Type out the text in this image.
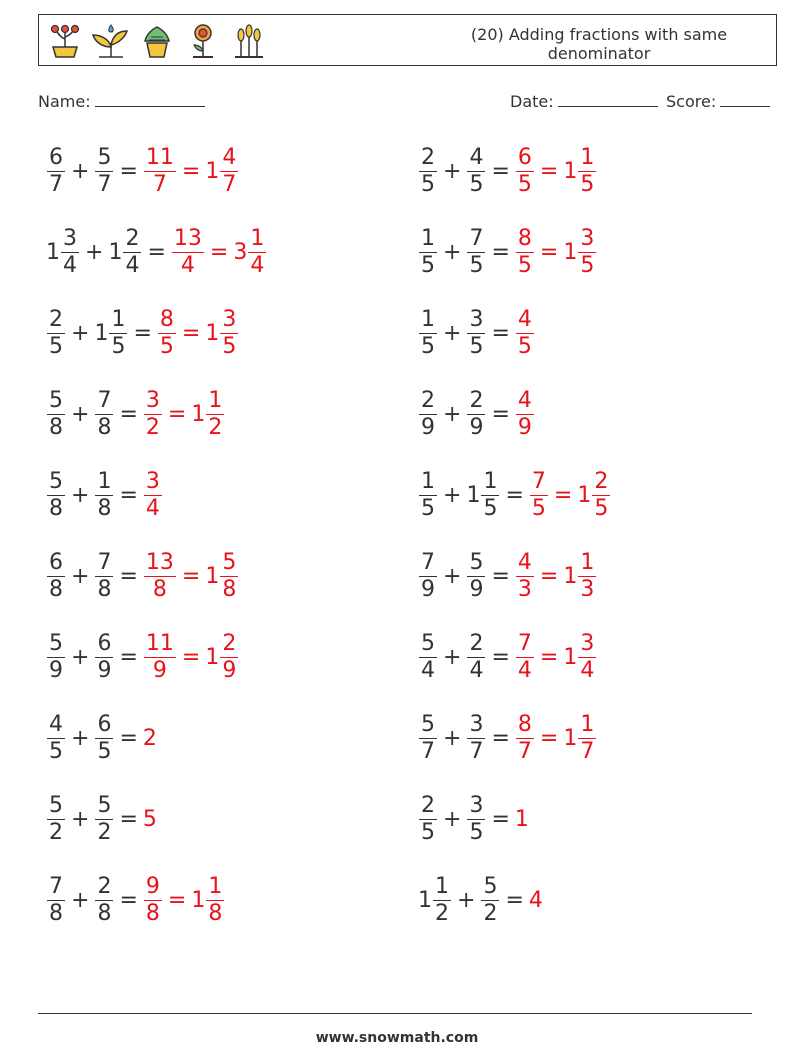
(20) Adding fractions with same denominator
Name:	Date:	Score:
$\frac{6}{7} + \frac{5}{7} = \frac{11}{7} = 1 \frac{4}{7}$
$1 \frac{3}{4} + 1 \frac{2}{4} = \frac{13}{4} = 3 \frac{1}{4}$
$\frac{2}{5} + 1 \frac{1}{5} = \frac{8}{5} = 1 \frac{3}{5}$
$\frac{5}{8} + \frac{7}{8} = \frac{3}{2} = 1 \frac{1}{2}$
$\frac{5}{8} + \frac{1}{8} = \frac{3}{4}$
$\frac{6}{8} + \frac{7}{8} = \frac{13}{8} = 1 \frac{5}{8}$
$\frac{5}{9} + \frac{6}{9} = \frac{11}{9} = 1 \frac{2}{9}$
$\frac{4}{5} + \frac{6}{5} = 2$
$\frac{5}{2} + \frac{5}{2} = 5$
$\frac{7}{8} + \frac{2}{8} = \frac{9}{8} = 1 \frac{1}{8}$
$\frac{2}{5} + \frac{4}{5} = \frac{6}{5} = 1 \frac{1}{5}$
$\frac{1}{5} + \frac{7}{5} = \frac{8}{5} = 1 \frac{3}{5}$
$\frac{1}{5} + \frac{3}{5} = \frac{4}{5}$
$\frac{2}{9} + \frac{2}{9} = \frac{4}{9}$
$\frac{1}{5} + 1 \frac{1}{5} = \frac{7}{5} = 1 \frac{2}{5}$
$\frac{7}{9} + \frac{5}{9} = \frac{4}{3} = 1 \frac{1}{3}$
$\frac{5}{4} + \frac{2}{4} = \frac{7}{4} = 1 \frac{3}{4}$
$\frac{5}{7} + \frac{3}{7} = \frac{8}{7} = 1 \frac{1}{7}$
$\frac{2}{5} + \frac{3}{5} = 1$
$1 \frac{1}{2} + \frac{5}{2} = 4$
www.snowmath.com
